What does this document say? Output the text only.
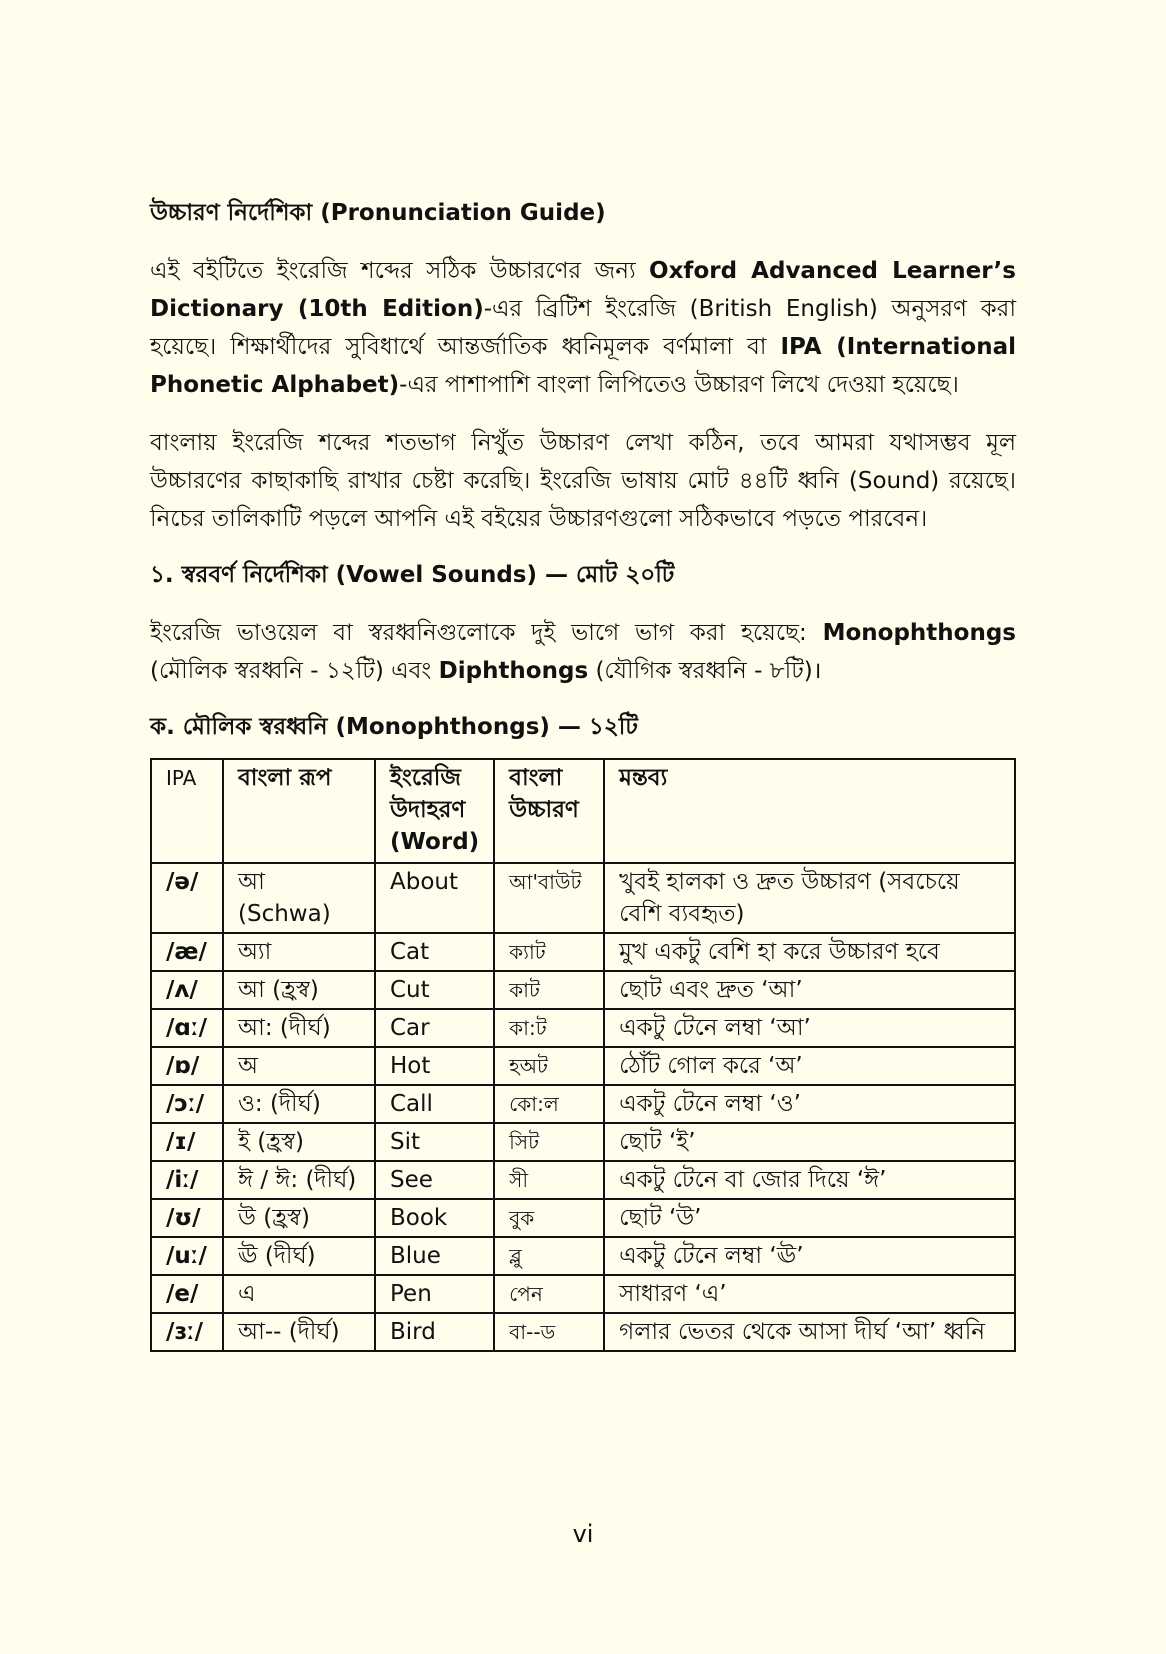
উচ্চারণ নির্দেশিকা (Pronunciation Guide)

এই বইটিতে ইংরেজি শব্দের সঠিক উচ্চারণের জন্য Oxford Advanced Learner’s Dictionary (10th Edition)-এর ব্রিটিশ ইংরেজি (British English) অনুসরণ করা হয়েছে। শিক্ষার্থীদের সুবিধার্থে আন্তর্জাতিক ধ্বনিমূলক বর্ণমালা বা IPA (International Phonetic Alphabet)-এর পাশাপাশি বাংলা লিপিতেও উচ্চারণ লিখে দেওয়া হয়েছে।

বাংলায় ইংরেজি শব্দের শতভাগ নিখুঁত উচ্চারণ লেখা কঠিন, তবে আমরা যথাসম্ভব মূল উচ্চারণের কাছাকাছি রাখার চেষ্টা করেছি। ইংরেজি ভাষায় মোট ৪৪টি ধ্বনি (Sound) রয়েছে। নিচের তালিকাটি পড়লে আপনি এই বইয়ের উচ্চারণগুলো সঠিকভাবে পড়তে পারবেন।

১. স্বরবর্ণ নির্দেশিকা (Vowel Sounds) — মোট ২০টি

ইংরেজি ভাওয়েল বা স্বরধ্বনিগুলোকে দুই ভাগে ভাগ করা হয়েছে: Monophthongs (মৌলিক স্বরধ্বনি - ১২টি) এবং Diphthongs (যৌগিক স্বরধ্বনি - ৮টি)।

ক. মৌলিক স্বরধ্বনি (Monophthongs) — ১২টি
IPA	বাংলা রূপ	ইংরেজি উদাহরণ (Word)	বাংলা উচ্চারণ	মন্তব্য
/ə/	আ (Schwa)	About	আ'বাউট	খুবই হালকা ও দ্রুত উচ্চারণ (সবচেয়ে বেশি ব্যবহৃত)
/æ/	অ্যা	Cat	ক্যাট	মুখ একটু বেশি হা করে উচ্চারণ হবে
/ʌ/	আ (হ্রস্ব)	Cut	কাট	ছোট এবং দ্রুত ‘আ’
/ɑː/	আ: (দীর্ঘ)	Car	কা:ট	একটু টেনে লম্বা ‘আ’
/ɒ/	অ	Hot	হঅট	ঠোঁট গোল করে ‘অ’
/ɔː/	ও: (দীর্ঘ)	Call	কো:ল	একটু টেনে লম্বা ‘ও’
/ɪ/	ই (হ্রস্ব)	Sit	সিট	ছোট ‘ই’
/iː/	ঈ / ঈ: (দীর্ঘ)	See	সী	একটু টেনে বা জোর দিয়ে ‘ঈ’
/ʊ/	উ (হ্রস্ব)	Book	বুক	ছোট ‘উ’
/uː/	ঊ (দীর্ঘ)	Blue	ব্লু	একটু টেনে লম্বা ‘ঊ’
/e/	এ	Pen	পেন	সাধারণ ‘এ’
/ɜː/	আ-- (দীর্ঘ)	Bird	বা--ড	গলার ভেতর থেকে আসা দীর্ঘ ‘আ’ ধ্বনি
vi
